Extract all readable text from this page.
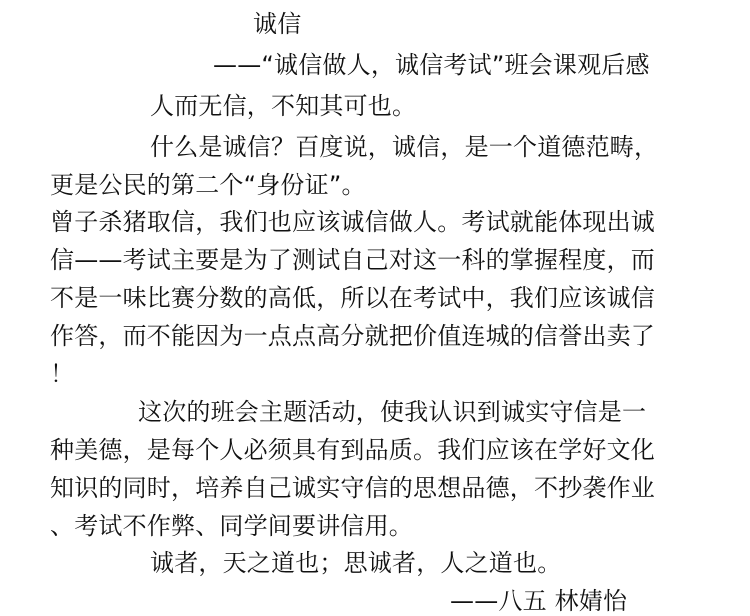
诚信
——“诚信做人，诚信考试”班会课观后感
人而无信，不知其可也。
什么是诚信？百度说，诚信，是一个道德范畴，
更是公民的第二个“身份证”。
曾子杀猪取信，我们也应该诚信做人。考试就能体现出诚
信——考试主要是为了测试自己对这一科的掌握程度，而
不是一味比赛分数的高低，所以在考试中，我们应该诚信
作答，而不能因为一点点高分就把价值连城的信誉出卖了
！
这次的班会主题活动，使我认识到诚实守信是一
种美德，是每个人必须具有到品质。我们应该在学好文化
知识的同时，培养自己诚实守信的思想品德，不抄袭作业
、考试不作弊、同学间要讲信用。
诚者，天之道也；思诚者，人之道也。
——八五 林婧怡
